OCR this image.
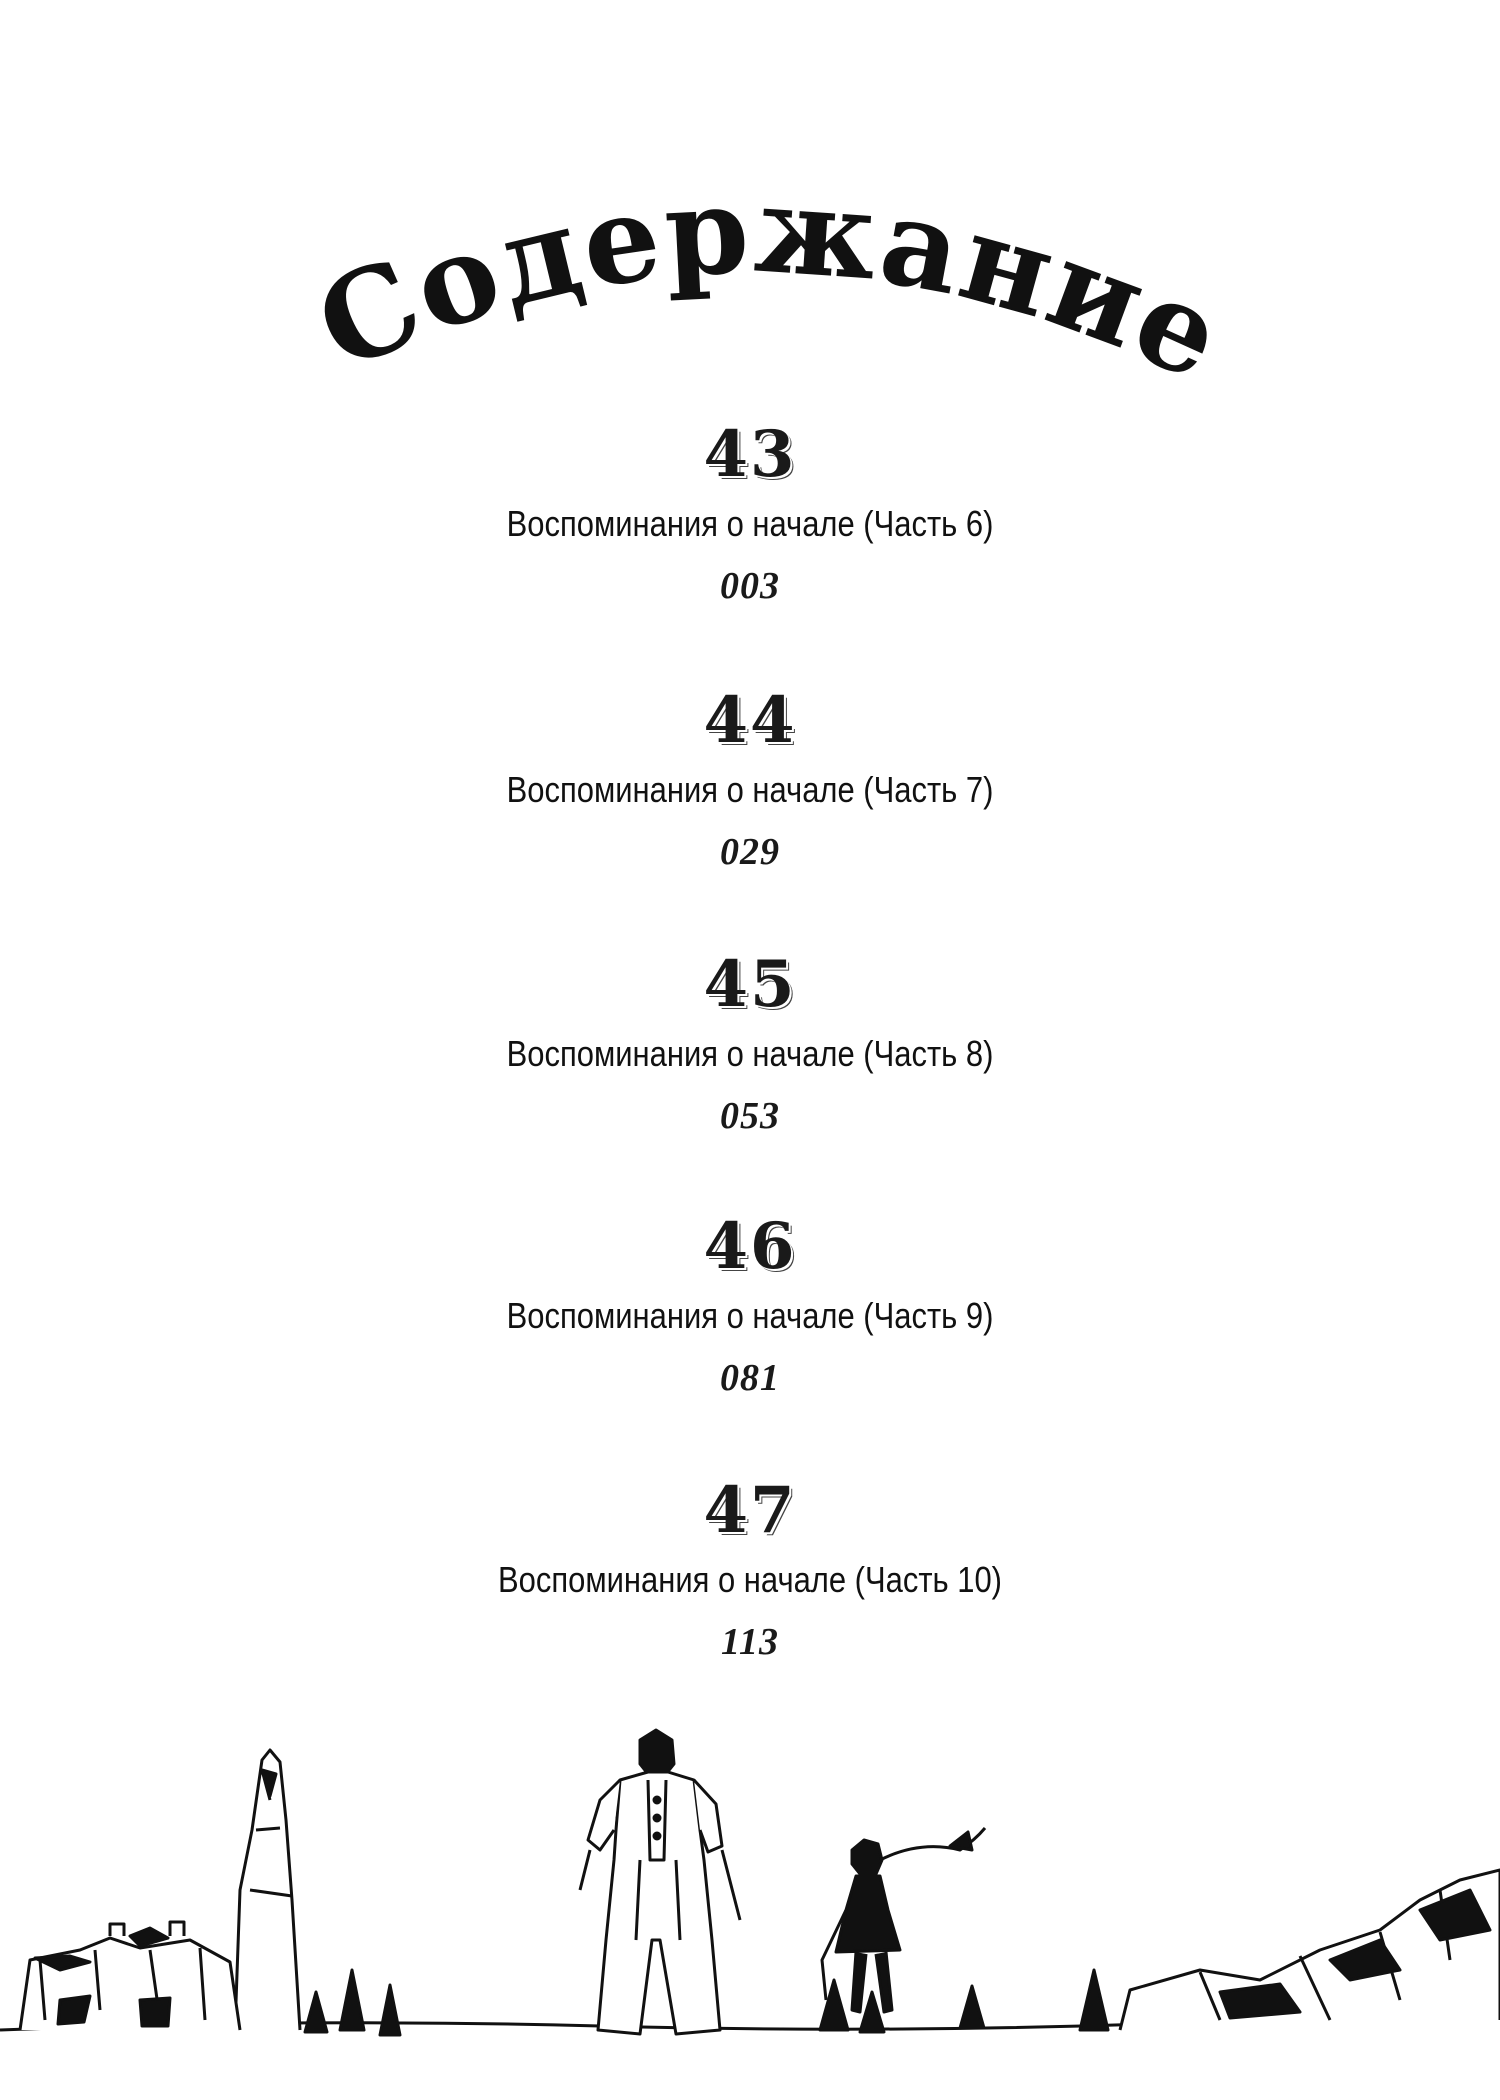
Содержание
43
Воспоминания о начале (Часть 6)
003
44
Воспоминания о начале (Часть 7)
029
45
Воспоминания о начале (Часть 8)
053
46
Воспоминания о начале (Часть 9)
081
47
Воспоминания о начале (Часть 10)
113
